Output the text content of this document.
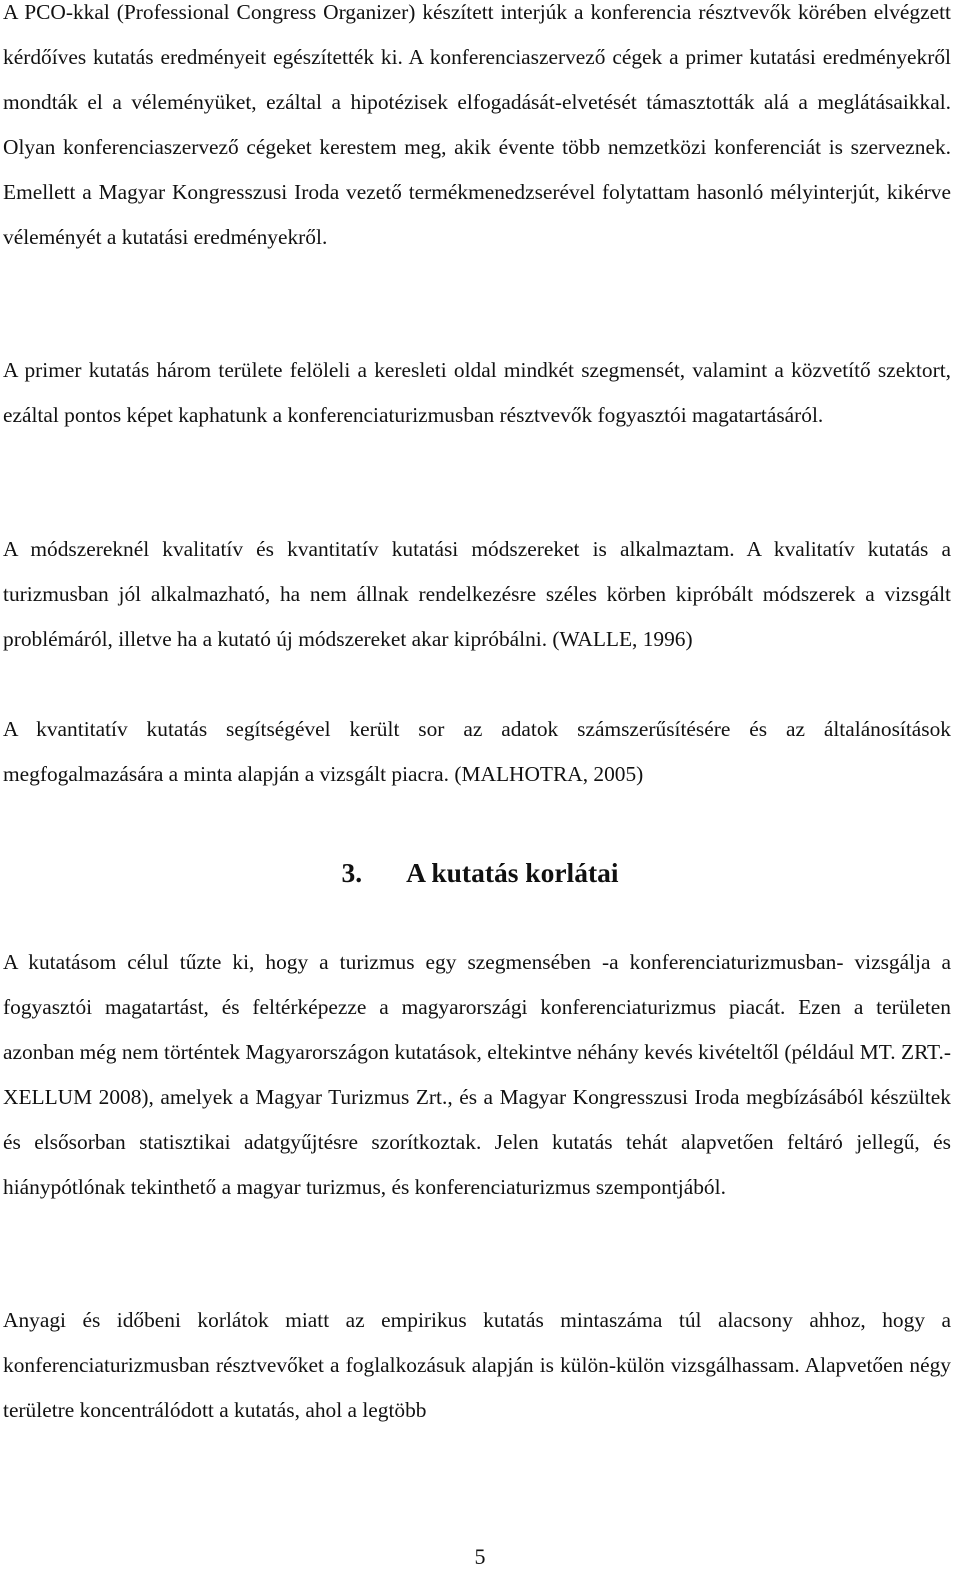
A PCO-kkal (Professional Congress Organizer) készített interjúk a konferencia résztvevők körében elvégzett kérdőíves kutatás eredményeit egészítették ki. A konferenciaszervező cégek a primer kutatási eredményekről mondták el a véleményüket, ezáltal a hipotézisek elfogadását-elvetését támasztották alá a meglátásaikkal. Olyan konferenciaszervező cégeket kerestem meg, akik évente több nemzetközi konferenciát is szerveznek. Emellett a Magyar Kongresszusi Iroda vezető termékmenedzserével folytattam hasonló mélyinterjút, kikérve véleményét a kutatási eredményekről.

A primer kutatás három területe felöleli a keresleti oldal mindkét szegmensét, valamint a közvetítő szektort, ezáltal pontos képet kaphatunk a konferenciaturizmusban résztvevők fogyasztói magatartásáról.

A módszereknél kvalitatív és kvantitatív kutatási módszereket is alkalmaztam. A kvalitatív kutatás a turizmusban jól alkalmazható, ha nem állnak rendelkezésre széles körben kipróbált módszerek a vizsgált problémáról, illetve ha a kutató új módszereket akar kipróbálni. (WALLE, 1996)

A kvantitatív kutatás segítségével került sor az adatok számszerűsítésére és az általánosítások megfogalmazására a minta alapján a vizsgált piacra. (MALHOTRA, 2005)

3. A kutatás korlátai

A kutatásom célul tűzte ki, hogy a turizmus egy szegmensében -a konferenciaturizmusban- vizsgálja a fogyasztói magatartást, és feltérképezze a magyarországi konferenciaturizmus piacát. Ezen a területen azonban még nem történtek Magyarországon kutatások, eltekintve néhány kevés kivételtől (például MT. ZRT.-XELLUM 2008), amelyek a Magyar Turizmus Zrt., és a Magyar Kongresszusi Iroda megbízásából készültek és elsősorban statisztikai adatgyűjtésre szorítkoztak. Jelen kutatás tehát alapvetően feltáró jellegű, és hiánypótlónak tekinthető a magyar turizmus, és konferenciaturizmus szempontjából.

Anyagi és időbeni korlátok miatt az empirikus kutatás mintaszáma túl alacsony ahhoz, hogy a konferenciaturizmusban résztvevőket a foglalkozásuk alapján is külön-külön vizsgálhassam. Alapvetően négy területre koncentrálódott a kutatás, ahol a legtöbb

5
